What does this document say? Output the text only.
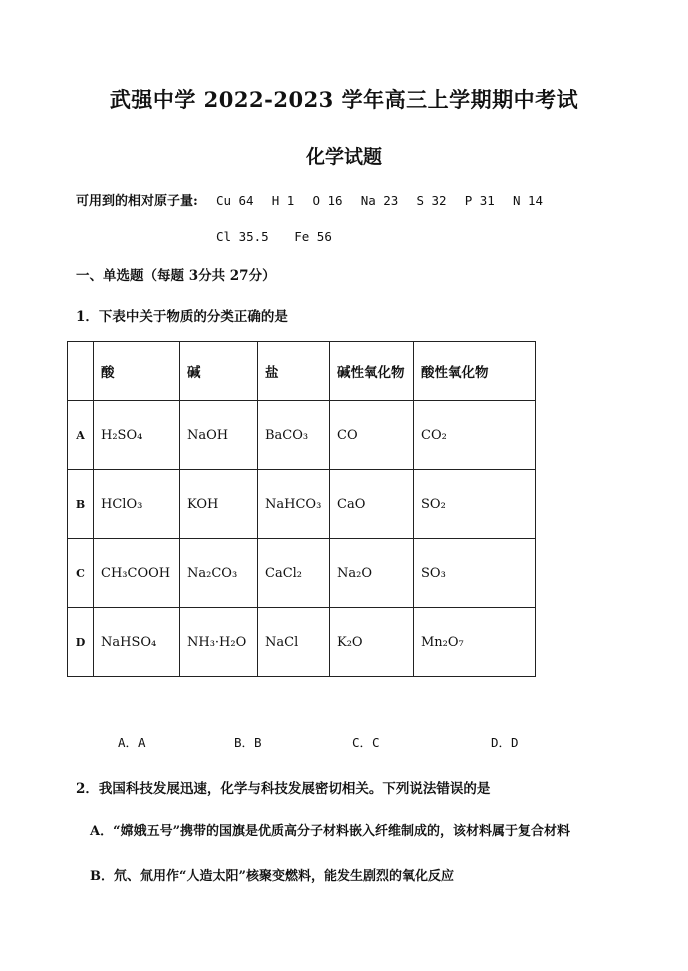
武强中学 2022-2023 学年高三上学期期中考试
化学试题
可用到的相对原子量: Cu 64 H 1 O 16 Na 23 S 32 P 31 N 14
Cl 35.5 Fe 56
一、单选题（每题 3分共 27分）
1．下表中关于物质的分类正确的是
	酸	碱	盐	碱性氧化物	酸性氧化物
A	H₂SO₄	NaOH	BaCO₃	CO	CO₂
B	HClO₃	KOH	NaHCO₃	CaO	SO₂
C	CH₃COOH	Na₂CO₃	CaCl₂	Na₂O	SO₃
D	NaHSO₄	NH₃·H₂O	NaCl	K₂O	Mn₂O₇
A．A	B．B	C．C	D．D
2．我国科技发展迅速，化学与科技发展密切相关。下列说法错误的是
A．“嫦娥五号”携带的国旗是优质高分子材料嵌入纤维制成的，该材料属于复合材料
B．氘、氚用作“人造太阳”核聚变燃料，能发生剧烈的氧化反应
